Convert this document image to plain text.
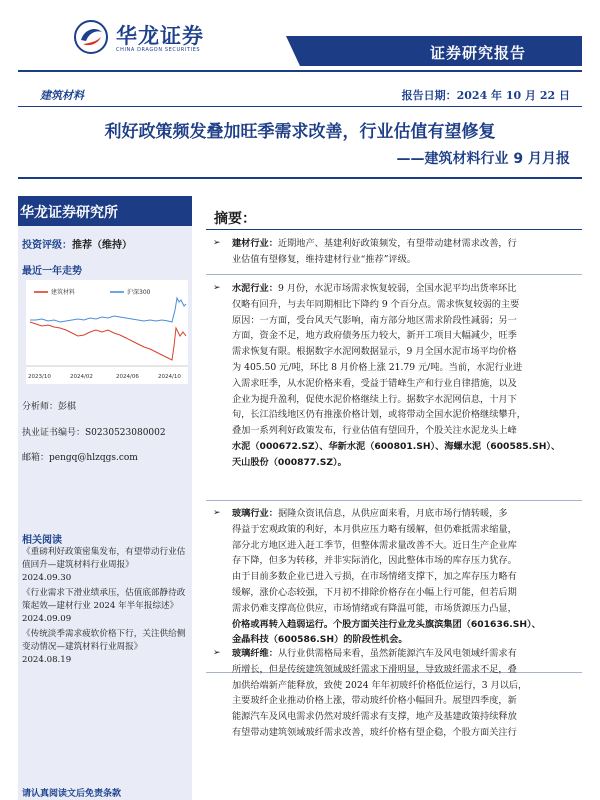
华龙证券
CHINA DRAGON SECURITIES	证券研究报告
建筑材料	报告日期：2024 年 10 月 22 日
利好政策频发叠加旺季需求改善，行业估值有望修复
——建筑材料行业 9 月月报
华龙证券研究所
投资评级：推荐（维持）
最近一年走势
建筑材料	沪深300
2023/10	2024/02	2024/06	2024/10
分析师：彭棋
执业证书编号：S0230523080002
邮箱：pengq@hlzqgs.com
相关阅读
《重磅利好政策密集发布，有望带动行业估值回升—建筑材料行业周报》
2024.09.30
《行业需求下滑业绩承压，估值底部静待政策起效—建材行业 2024 年半年报综述》
2024.09.09
《传统淡季需求疲软价格下行，关注供给侧变动情况—建筑材料行业周报》
2024.08.19
请认真阅读文后免责条款
摘要：
➢ 建材行业：近期地产、基建利好政策频发，有望带动建材需求改善，行
业估值有望修复，维持建材行业“推荐”评级。
➢ 水泥行业：9 月份，水泥市场需求恢复较弱，全国水泥平均出货率环比
仅略有回升，与去年同期相比下降约 9 个百分点。需求恢复较弱的主要
原因：一方面，受台风天气影响，南方部分地区需求阶段性减弱；另一
方面，资金不足，地方政府债务压力较大，新开工项目大幅减少，旺季
需求恢复有限。根据数字水泥网数据显示，9 月全国水泥市场平均价格
为 405.50 元/吨，环比 8 月价格上涨 21.79 元/吨。当前，水泥行业进
入需求旺季，从水泥价格来看，受益于错峰生产和行业自律措施，以及
企业为提升盈利，促使水泥价格继续上行。据数字水泥网信息，十月下
旬，长江沿线地区仍有推涨价格计划，或将带动全国水泥价格继续攀升，
叠加一系列利好政策发布，行业估值有望回升，个股关注水泥龙头上峰
水泥（000672.SZ）、华新水泥（600801.SH）、海螺水泥（600585.SH）、
天山股份（000877.SZ）。
➢ 玻璃行业：据隆众资讯信息，从供应面来看，月底市场行情转暖，多
得益于宏观政策的利好，本月供应压力略有缓解，但仍难抵需求缩量，
部分北方地区进入赶工季节，但整体需求量改善不大。近日生产企业库
存下降，但多为转移，并非实际消化，因此整体市场的库存压力犹存。
由于目前多数企业已进入亏损，在市场情绪支撑下，加之库存压力略有
缓解，涨价心态较强，下月初不排除价格存在小幅上行可能，但若后期
需求仍难支撑高位供应，市场情绪或有降温可能，市场货源压力凸显，
价格或再转入趋弱运行。个股方面关注行业龙头旗滨集团（601636.SH）、
金晶科技（600586.SH）的阶段性机会。
➢ 玻璃纤维：从行业供需格局来看，虽然新能源汽车及风电领域纤需求有
所增长，但是传统建筑领域玻纤需求下滑明显，导致玻纤需求不足，叠
加供给端新产能释放，致使 2024 年年初玻纤价格低位运行，3 月以后，
主要玻纤企业推动价格上涨，带动玻纤价格小幅回升。展望四季度，新
能源汽车及风电需求仍然对玻纤需求有支撑，地产及基建政策持续释放
有望带动建筑领域玻纤需求改善，玻纤价格有望企稳，个股方面关注行
